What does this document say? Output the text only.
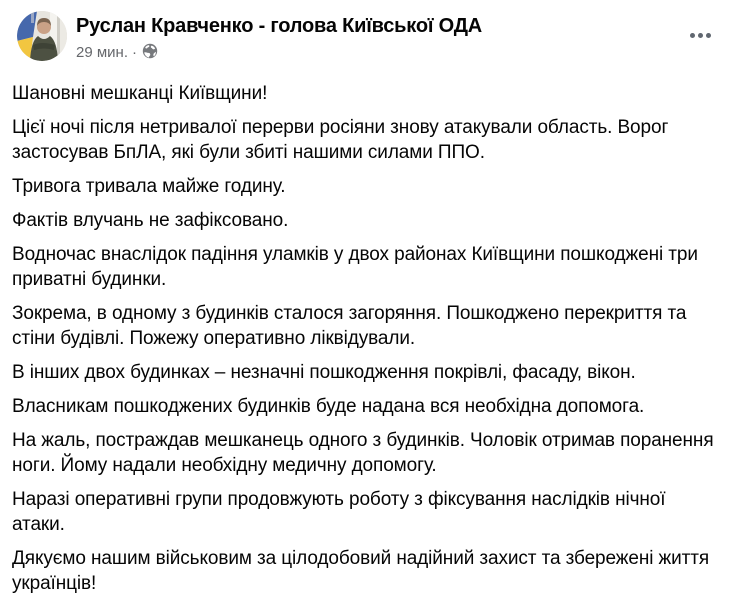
Руслан Кравченко - голова Київської ОДА
29 мин. ·

Шановні мешканці Київщини!

Цієї ночі після нетривалої перерви росіяни знову атакували область. Ворог застосував БпЛА, які були збиті нашими силами ППО.

Тривога тривала майже годину.

Фактів влучань не зафіксовано.

Водночас внаслідок падіння уламків у двох районах Київщини пошкоджені три приватні будинки.

Зокрема, в одному з будинків сталося загоряння. Пошкоджено перекриття та стіни будівлі. Пожежу оперативно ліквідували.

В інших двох будинках – незначні пошкодження покрівлі, фасаду, вікон.

Власникам пошкоджених будинків буде надана вся необхідна допомога.

На жаль, постраждав мешканець одного з будинків. Чоловік отримав поранення ноги. Йому надали необхідну медичну допомогу.

Наразі оперативні групи продовжують роботу з фіксування наслідків нічної атаки.

Дякуємо нашим військовим за цілодобовий надійний захист та збережені життя українців!
